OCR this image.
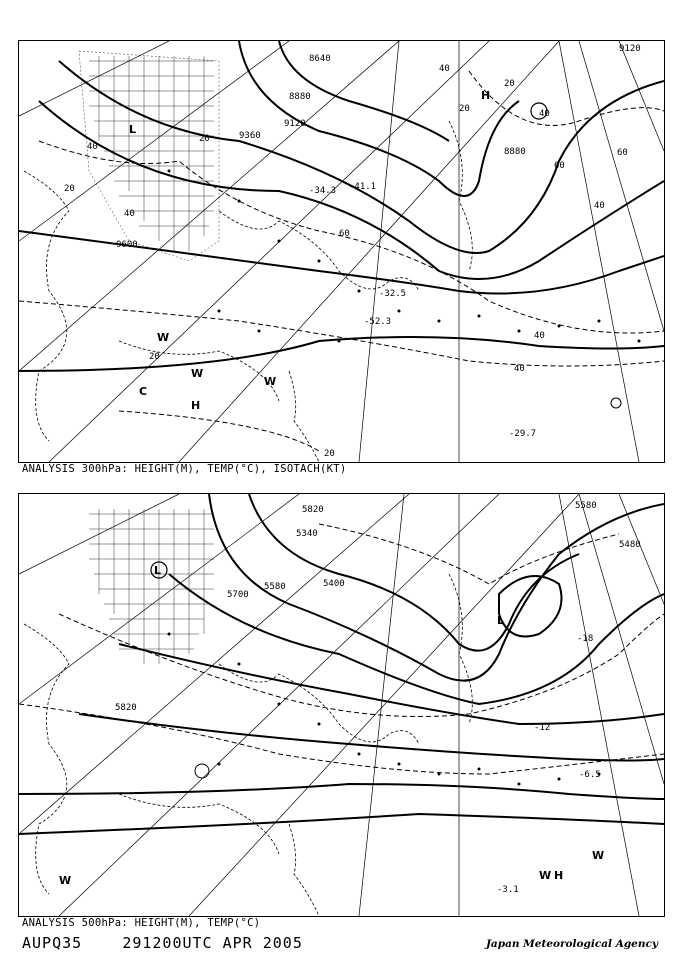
8640
8880
9120
8880
9360
9120
9600
40
20
40
20
60
20
40
40
60
60
20
40
40
40
20
20
-41.1
-34.3
-52.3
-32.5
-29.7
L
H
W
W
H
C
W
ANALYSIS 300hPa: HEIGHT(M), TEMP(°C), ISOTACH(KT)
5820
5340
5580	5400
5580
5700
5480
5820
-12
-18
-6.5
-3.1
L
L
H
W
W
W
ANALYSIS 500hPa: HEIGHT(M), TEMP(°C)
AUPQ35	291200UTC APR 2005	Japan Meteorological Agency
